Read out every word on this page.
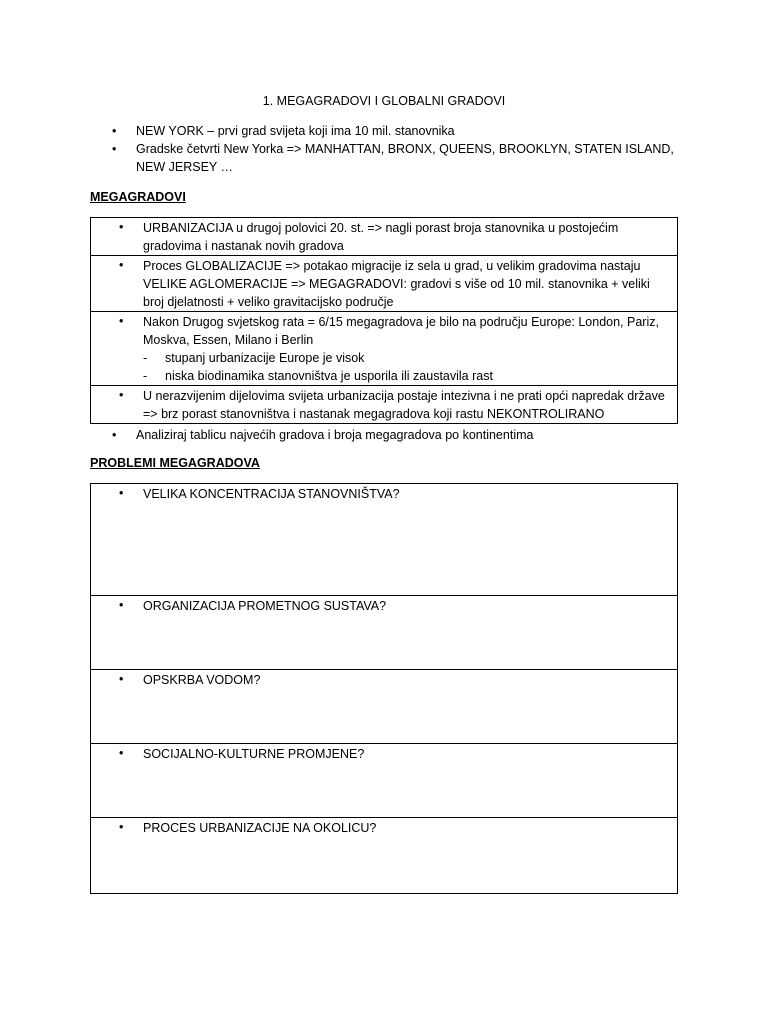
1. MEGAGRADOVI I GLOBALNI GRADOVI
• NEW YORK – prvi grad svijeta koji ima 10 mil. stanovnika
• Gradske četvrti New Yorka => MANHATTAN, BRONX, QUEENS, BROOKLYN, STATEN ISLAND, NEW JERSEY …
MEGAGRADOVI
• URBANIZACIJA u drugoj polovici 20. st. => nagli porast broja stanovnika u postojećim gradovima i nastanak novih gradova

• Proces GLOBALIZACIJE => potakao migracije iz sela u grad, u velikim gradovima nastaju VELIKE AGLOMERACIJE => MEGAGRADOVI: gradovi s više od 10 mil. stanovnika + veliki broj djelatnosti + veliko gravitacijsko područje

• Nakon Drugog svjetskog rata = 6/15 megagradova je bilo na području Europe: London, Pariz, Moskva, Essen, Milano i Berlin
- stupanj urbanizacije Europe je visok
- niska biodinamika stanovništva je usporila ili zaustavila rast

• U nerazvijenim dijelovima svijeta urbanizacija postaje intezivna i ne prati opći napredak države => brz porast stanovništva i nastanak megagradova koji rastu NEKONTROLIRANO
• Analiziraj tablicu najvećih gradova i broja megagradova po kontinentima
PROBLEMI MEGAGRADOVA
• VELIKA KONCENTRACIJA STANOVNIŠTVA?

• ORGANIZACIJA PROMETNOG SUSTAVA?

• OPSKRBA VODOM?

• SOCIJALNO-KULTURNE PROMJENE?

• PROCES URBANIZACIJE NA OKOLICU?
